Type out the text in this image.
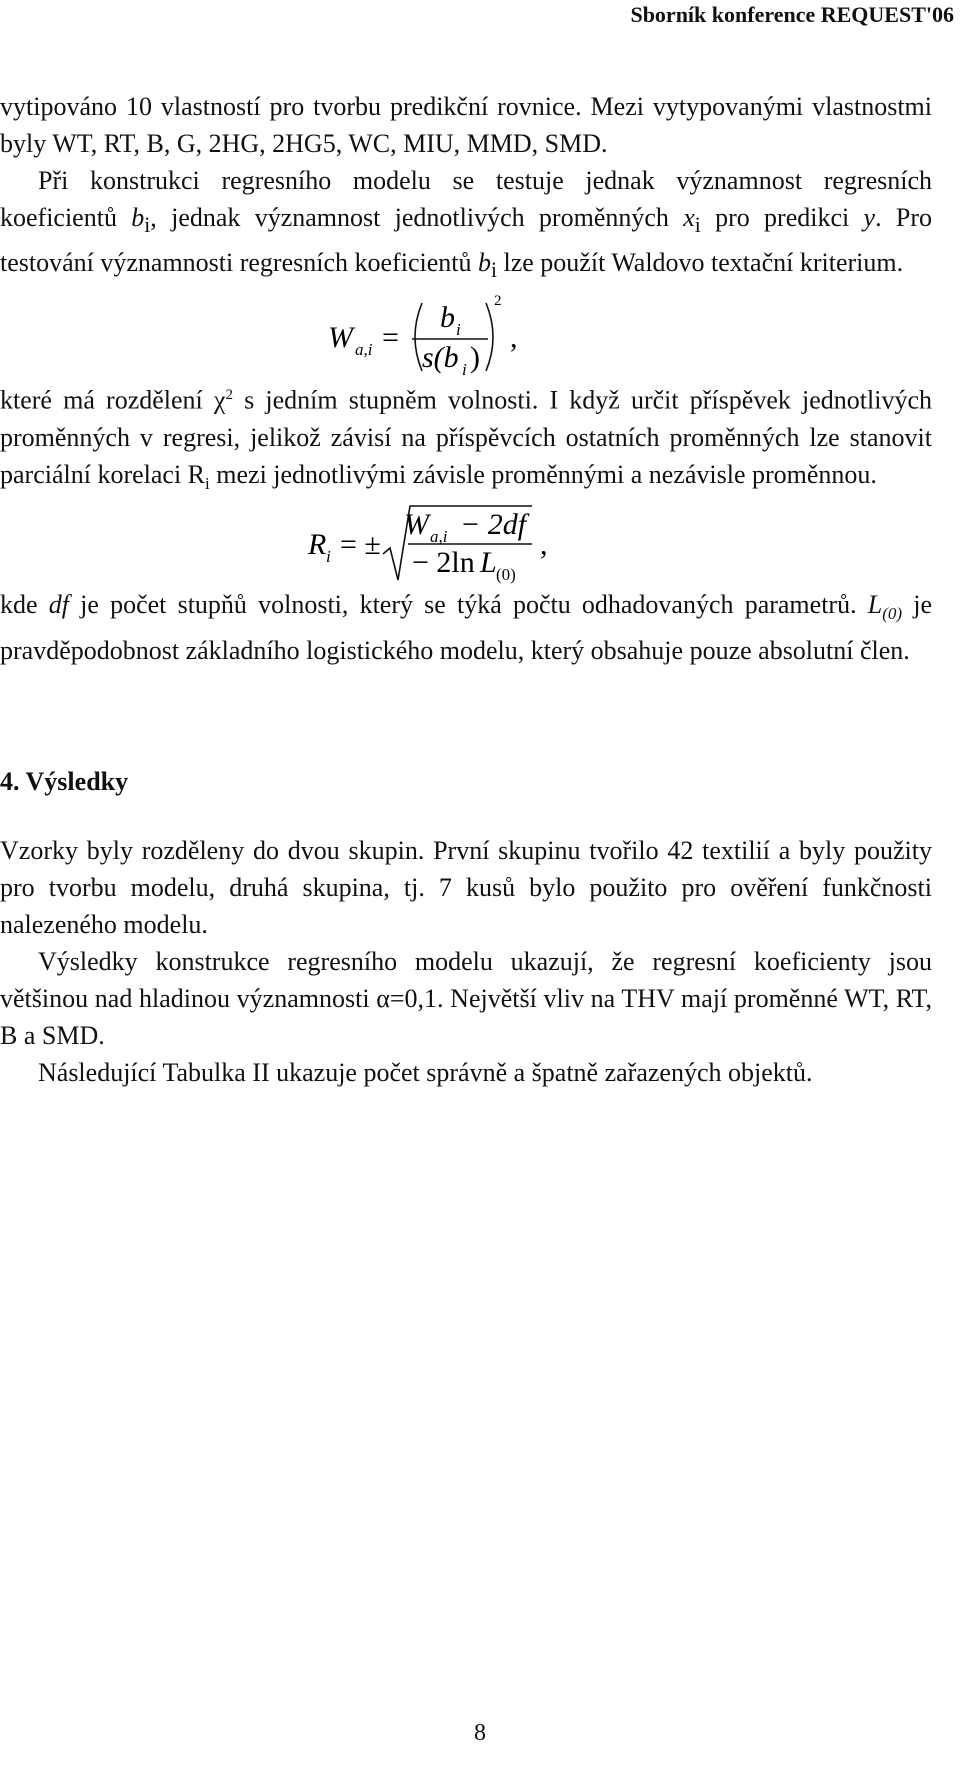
Sborník konference REQUEST'06

vytipováno 10 vlastností pro tvorbu predikční rovnice. Mezi vytypovanými vlastnostmi byly WT, RT, B, G, 2HG, 2HG5, WC, MIU, MMD, SMD.

Při konstrukci regresního modelu se testuje jednak významnost regresních koeficientů $b_i$, jednak významnost jednotlivých proměnných $x_i$ pro predikci y. Pro testování významnosti regresních koeficientů $b_i$ lze použít Waldovo textační kriterium.

W a,i =
b i
s(b i )
2
,

které má rozdělení $\chi^2$ s jedním stupněm volnosti. I když určit příspěvek jednotlivých proměnných v regresi, jelikož závisí na příspěvcích ostatních proměnných lze stanovit parciální korelaci $R_i$ mezi jednotlivými závisle proměnnými a nezávisle proměnnou.

R i = ±
W a,i − 2df
− 2ln L (0)
,

kde df je počet stupňů volnosti, který se týká počtu odhadovaných parametrů. $L_{(0)}$ je pravděpodobnost základního logistického modelu, který obsahuje pouze absolutní člen.

4. Výsledky

Vzorky byly rozděleny do dvou skupin. První skupinu tvořilo 42 textilií a byly použity pro tvorbu modelu, druhá skupina, tj. 7 kusů bylo použito pro ověření funkčnosti nalezeného modelu.

Výsledky konstrukce regresního modelu ukazují, že regresní koeficienty jsou většinou nad hladinou významnosti α=0,1. Největší vliv na THV mají proměnné WT, RT, B a SMD.

Následující Tabulka II ukazuje počet správně a špatně zařazených objektů.

8
